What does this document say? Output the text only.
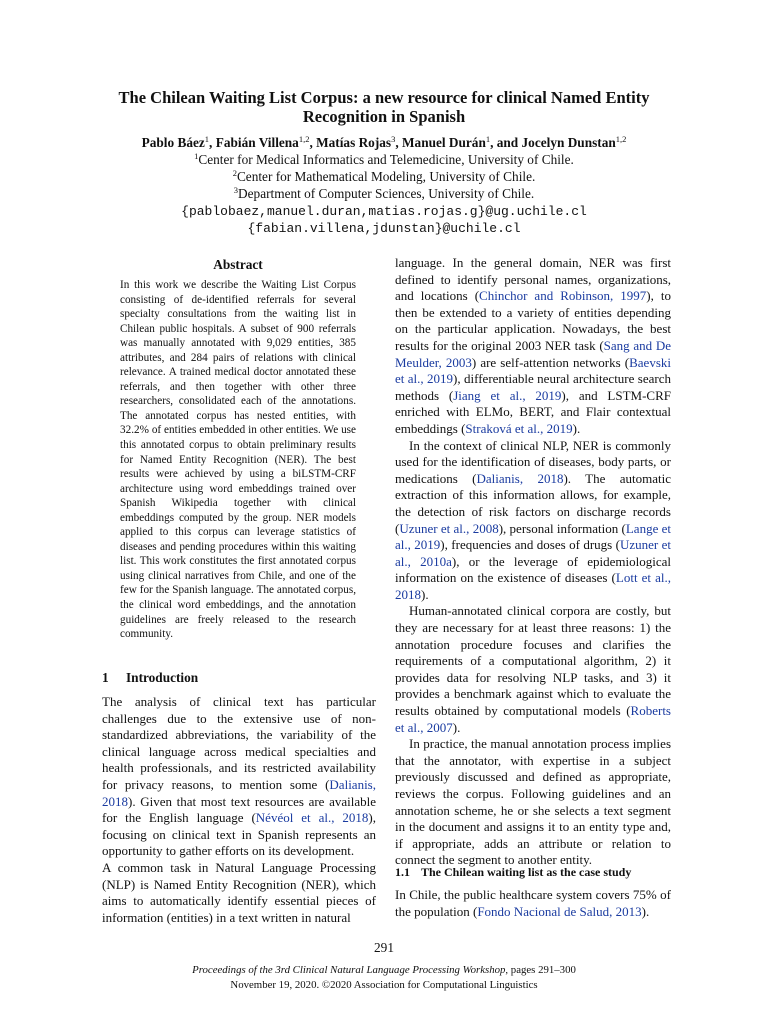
The Chilean Waiting List Corpus: a new resource for clinical Named Entity Recognition in Spanish
Pablo Báez$^1$, Fabián Villena$^{1,2}$, Matías Rojas$^3$, Manuel Durán$^1$, and Jocelyn Dunstan$^{1,2}$
$^1$Center for Medical Informatics and Telemedicine, University of Chile.
$^2$Center for Mathematical Modeling, University of Chile.
$^3$Department of Computer Sciences, University of Chile.
{pablobaez,manuel.duran,matias.rojas.g}@ug.uchile.cl
{fabian.villena,jdunstan}@uchile.cl
Abstract
In this work we describe the Waiting List Corpus consisting of de-identified referrals for several specialty consultations from the waiting list in Chilean public hospitals. A subset of 900 referrals was manually annotated with 9,029 entities, 385 attributes, and 284 pairs of relations with clinical relevance. A trained medical doctor annotated these referrals, and then together with other three researchers, consolidated each of the annotations. The annotated corpus has nested entities, with 32.2% of entities embedded in other entities. We use this annotated corpus to obtain preliminary results for Named Entity Recognition (NER). The best results were achieved by using a biLSTM-CRF architecture using word embeddings trained over Spanish Wikipedia together with clinical embeddings computed by the group. NER models applied to this corpus can leverage statistics of diseases and pending procedures within this waiting list. This work constitutes the first annotated corpus using clinical narratives from Chile, and one of the few for the Spanish language. The annotated corpus, the clinical word embeddings, and the annotation guidelines are freely released to the research community.
1 Introduction

The analysis of clinical text has particular challenges due to the extensive use of non-standardized abbreviations, the variability of the clinical language across medical specialties and health professionals, and its restricted availability for privacy reasons, to mention some (Dalianis, 2018). Given that most text resources are available for the English language (Névéol et al., 2018), focusing on clinical text in Spanish represents an opportunity to gather efforts on its development.

A common task in Natural Language Processing (NLP) is Named Entity Recognition (NER), which aims to automatically identify essential pieces of information (entities) in a text written in natural

language. In the general domain, NER was first defined to identify personal names, organizations, and locations (Chinchor and Robinson, 1997), to then be extended to a variety of entities depending on the particular application. Nowadays, the best results for the original 2003 NER task (Sang and De Meulder, 2003) are self-attention networks (Baevski et al., 2019), differentiable neural architecture search methods (Jiang et al., 2019), and LSTM-CRF enriched with ELMo, BERT, and Flair contextual embeddings (Straková et al., 2019).

In the context of clinical NLP, NER is commonly used for the identification of diseases, body parts, or medications (Dalianis, 2018). The automatic extraction of this information allows, for example, the detection of risk factors on discharge records (Uzuner et al., 2008), personal information (Lange et al., 2019), frequencies and doses of drugs (Uzuner et al., 2010a), or the leverage of epidemiological information on the existence of diseases (Lott et al., 2018).

Human-annotated clinical corpora are costly, but they are necessary for at least three reasons: 1) the annotation procedure focuses and clarifies the requirements of a computational algorithm, 2) it provides data for resolving NLP tasks, and 3) it provides a benchmark against which to evaluate the results obtained by computational models (Roberts et al., 2007).

In practice, the manual annotation process implies that the annotator, with expertise in a subject previously discussed and defined as appropriate, reviews the corpus. Following guidelines and an annotation scheme, he or she selects a text segment in the document and assigns it to an entity type and, if appropriate, adds an attribute or relation to connect the segment to another entity.

1.1 The Chilean waiting list as the case study

In Chile, the public healthcare system covers 75% of the population (Fondo Nacional de Salud, 2013).

291
Proceedings of the 3rd Clinical Natural Language Processing Workshop, pages 291–300
November 19, 2020. ©2020 Association for Computational Linguistics
